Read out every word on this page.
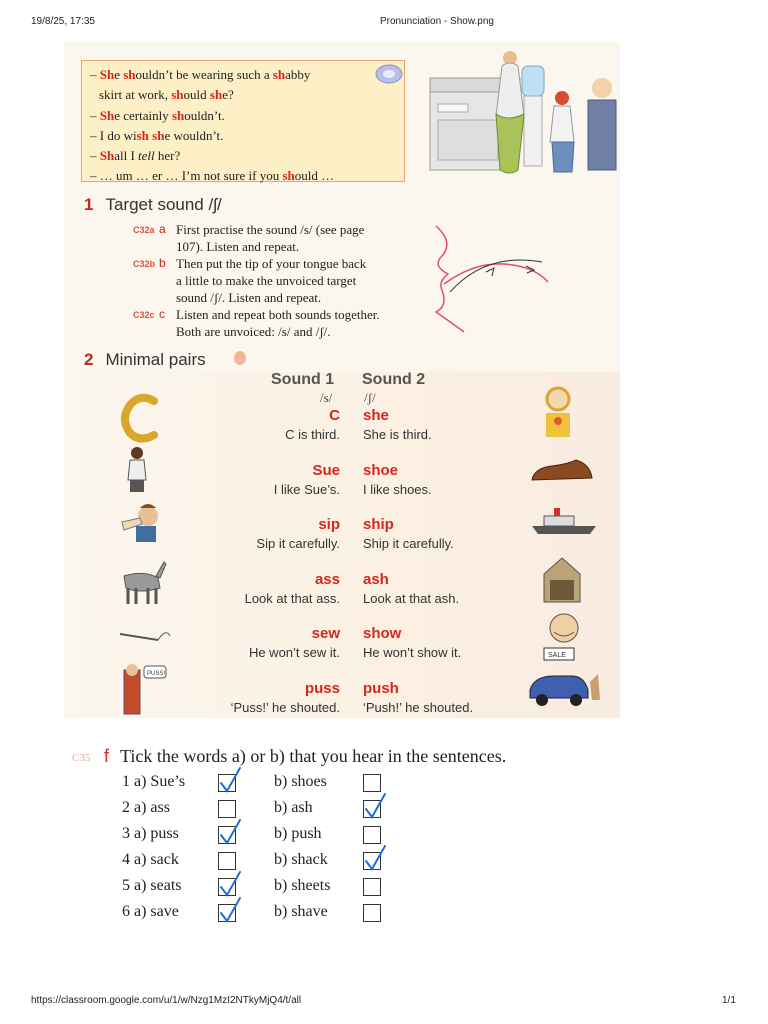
19/8/25, 17:35	Pronunciation - Show.png
https://classroom.google.com/u/1/w/Nzg1MzI2NTkyMjQ4/t/all	1/1
– She shouldn’t be wearing such a shabby
skirt at work, should she?
– She certainly shouldn’t.
– I do wish she wouldn’t.
– Shall I tell her?
– … um … er … I’m not sure if you should …
1 Target sound /ʃ/
C32a a First practise the sound /s/ (see page
107). Listen and repeat.
C32b b Then put the tip of your tongue back
a little to make the unvoiced target
sound /ʃ/. Listen and repeat.
C32c c Listen and repeat both sounds together.
Both are unvoiced: /s/ and /ʃ/.
2 Minimal pairs
Sound 1 Sound 2
/s/ /ʃ/
C she
C is third. She is third.
Sue shoe
I like Sue’s. I like shoes.
sip ship
Sip it carefully. Ship it carefully.
ass ash
Look at that ass. Look at that ash.
sew show
He won’t sew it. He won’t show it.
puss push
‘Puss!’ he shouted. ‘Push!’ he shouted.
SALE
PUSS!
C35 f Tick the words a) or b) that you hear in the sentences.
1 a) Sue’s	b) shoes
2 a) ass	b) ash
3 a) puss	b) push
4 a) sack	b) shack
5 a) seats	b) sheets
6 a) save	b) shave
